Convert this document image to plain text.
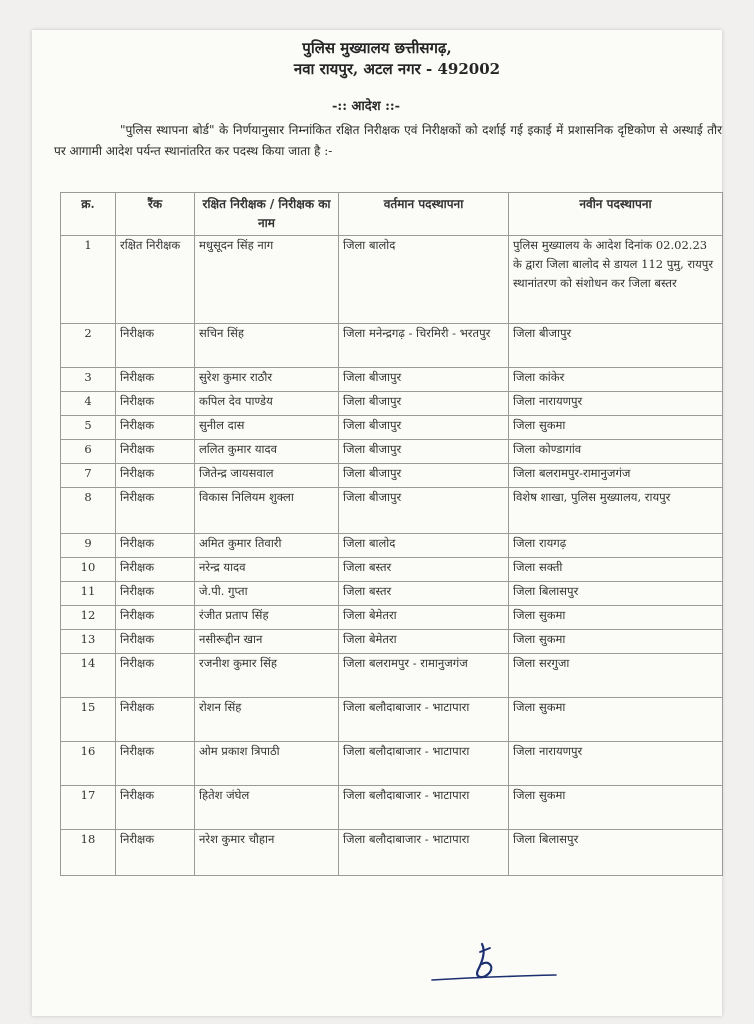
पुलिस मुख्यालय छत्तीसगढ़,
नवा रायपुर, अटल नगर - 492002
-:: आदेश ::-
"पुलिस स्थापना बोर्ड" के निर्णयानुसार निम्नांकित रक्षित निरीक्षक एवं निरीक्षकों को दर्शाई गई इकाई में प्रशासनिक दृष्टिकोण से अस्थाई तौर पर आगामी आदेश पर्यन्त स्थानांतरित कर पदस्थ किया जाता है :-
क्र.	रैंक	रक्षित निरीक्षक / निरीक्षक का नाम	वर्तमान पदस्थापना	नवीन पदस्थापना
1	रक्षित निरीक्षक	मधुसूदन सिंह नाग	जिला बालोद	पुलिस मुख्यालय के आदेश दिनांक 02.02.23 के द्वारा जिला बालोद से डायल 112 पुमु, रायपुर स्थानांतरण को संशोधन कर जिला बस्तर
2	निरीक्षक	सचिन सिंह	जिला मनेन्द्रगढ़ - चिरमिरी - भरतपुर	जिला बीजापुर
3	निरीक्षक	सुरेश कुमार राठौर	जिला बीजापुर	जिला कांकेर
4	निरीक्षक	कपिल देव पाण्डेय	जिला बीजापुर	जिला नारायणपुर
5	निरीक्षक	सुनील दास	जिला बीजापुर	जिला सुकमा
6	निरीक्षक	ललित कुमार यादव	जिला बीजापुर	जिला कोण्डागांव
7	निरीक्षक	जितेन्द्र जायसवाल	जिला बीजापुर	जिला बलरामपुर-रामानुजगंज
8	निरीक्षक	विकास निलियम शुक्ला	जिला बीजापुर	विशेष शाखा, पुलिस मुख्यालय, रायपुर
9	निरीक्षक	अमित कुमार तिवारी	जिला बालोद	जिला रायगढ़
10	निरीक्षक	नरेन्द्र यादव	जिला बस्तर	जिला सक्ती
11	निरीक्षक	जे.पी. गुप्ता	जिला बस्तर	जिला बिलासपुर
12	निरीक्षक	रंजीत प्रताप सिंह	जिला बेमेतरा	जिला सुकमा
13	निरीक्षक	नसीरूद्दीन खान	जिला बेमेतरा	जिला सुकमा
14	निरीक्षक	रजनीश कुमार सिंह	जिला बलरामपुर - रामानुजगंज	जिला सरगुजा
15	निरीक्षक	रोशन सिंह	जिला बलौदाबाजार - भाटापारा	जिला सुकमा
16	निरीक्षक	ओम प्रकाश त्रिपाठी	जिला बलौदाबाजार - भाटापारा	जिला नारायणपुर
17	निरीक्षक	हितेश जंघेल	जिला बलौदाबाजार - भाटापारा	जिला सुकमा
18	निरीक्षक	नरेश कुमार चौहान	जिला बलौदाबाजार - भाटापारा	जिला बिलासपुर
